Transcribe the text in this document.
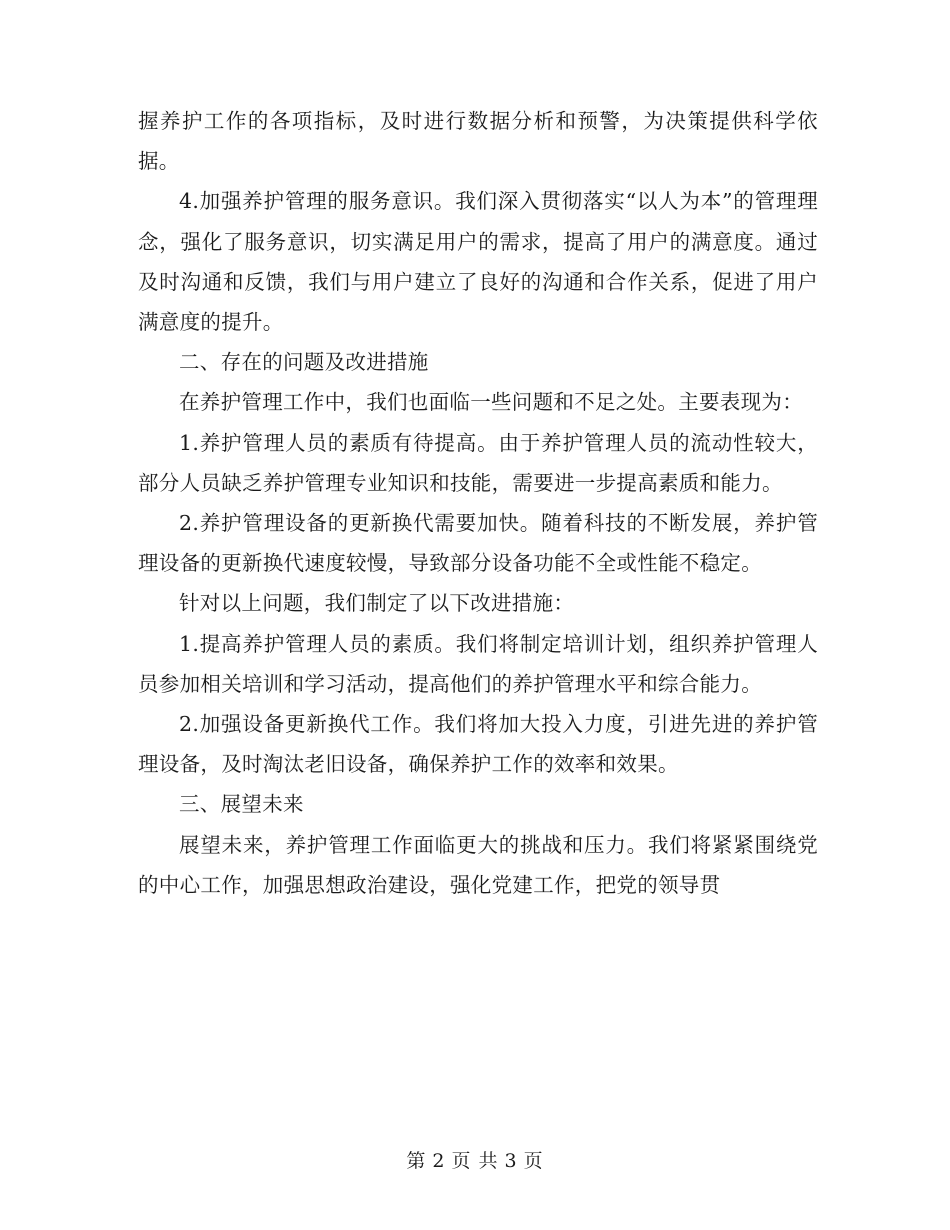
握养护工作的各项指标，及时进行数据分析和预警，为决策提供科学依据。

4.加强养护管理的服务意识。我们深入贯彻落实“以人为本”的管理理念，强化了服务意识，切实满足用户的需求，提高了用户的满意度。通过及时沟通和反馈，我们与用户建立了良好的沟通和合作关系，促进了用户满意度的提升。

二、存在的问题及改进措施

在养护管理工作中，我们也面临一些问题和不足之处。主要表现为：

1.养护管理人员的素质有待提高。由于养护管理人员的流动性较大，部分人员缺乏养护管理专业知识和技能，需要进一步提高素质和能力。

2.养护管理设备的更新换代需要加快。随着科技的不断发展，养护管理设备的更新换代速度较慢，导致部分设备功能不全或性能不稳定。

针对以上问题，我们制定了以下改进措施：

1.提高养护管理人员的素质。我们将制定培训计划，组织养护管理人员参加相关培训和学习活动，提高他们的养护管理水平和综合能力。

2.加强设备更新换代工作。我们将加大投入力度，引进先进的养护管理设备，及时淘汰老旧设备，确保养护工作的效率和效果。

三、展望未来

展望未来，养护管理工作面临更大的挑战和压力。我们将紧紧围绕党的中心工作，加强思想政治建设，强化党建工作，把党的领导贯

第 2 页 共 3 页
